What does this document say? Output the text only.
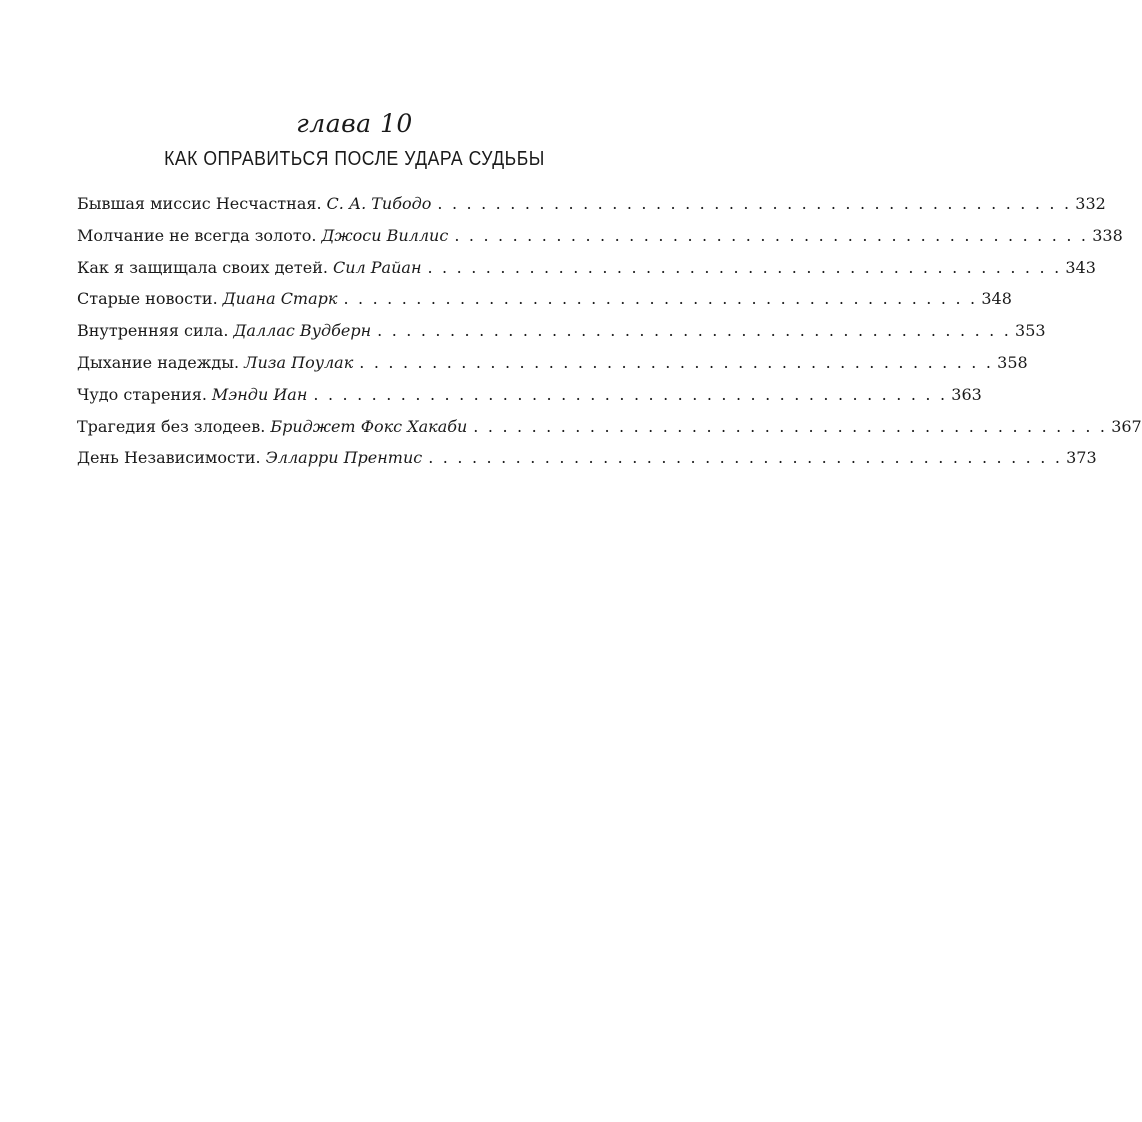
глава 10
КАК ОПРАВИТЬСЯ ПОСЛЕ УДАРА СУДЬБЫ
Бывшая миссис Несчастная. С. А. Тибодо . . . . . . . . . . . . . . . . . . . . . . . . . . . . . . . . . . . . . . . . . . . . 332
Молчание не всегда золото. Джоси Виллис . . . . . . . . . . . . . . . . . . . . . . . . . . . . . . . . . . . . . . . . . . . . 338
Как я защищала своих детей. Сил Райан . . . . . . . . . . . . . . . . . . . . . . . . . . . . . . . . . . . . . . . . . . . . 343
Старые новости. Диана Старк . . . . . . . . . . . . . . . . . . . . . . . . . . . . . . . . . . . . . . . . . . . . 348
Внутренняя сила. Даллас Вудберн . . . . . . . . . . . . . . . . . . . . . . . . . . . . . . . . . . . . . . . . . . . . 353
Дыхание надежды. Лиза Поулак . . . . . . . . . . . . . . . . . . . . . . . . . . . . . . . . . . . . . . . . . . . . 358
Чудо старения. Мэнди Иан . . . . . . . . . . . . . . . . . . . . . . . . . . . . . . . . . . . . . . . . . . . . 363
Трагедия без злодеев. Бриджет Фокс Хакаби . . . . . . . . . . . . . . . . . . . . . . . . . . . . . . . . . . . . . . . . . . . . 367
День Независимости. Элларри Прентис . . . . . . . . . . . . . . . . . . . . . . . . . . . . . . . . . . . . . . . . . . . . 373
